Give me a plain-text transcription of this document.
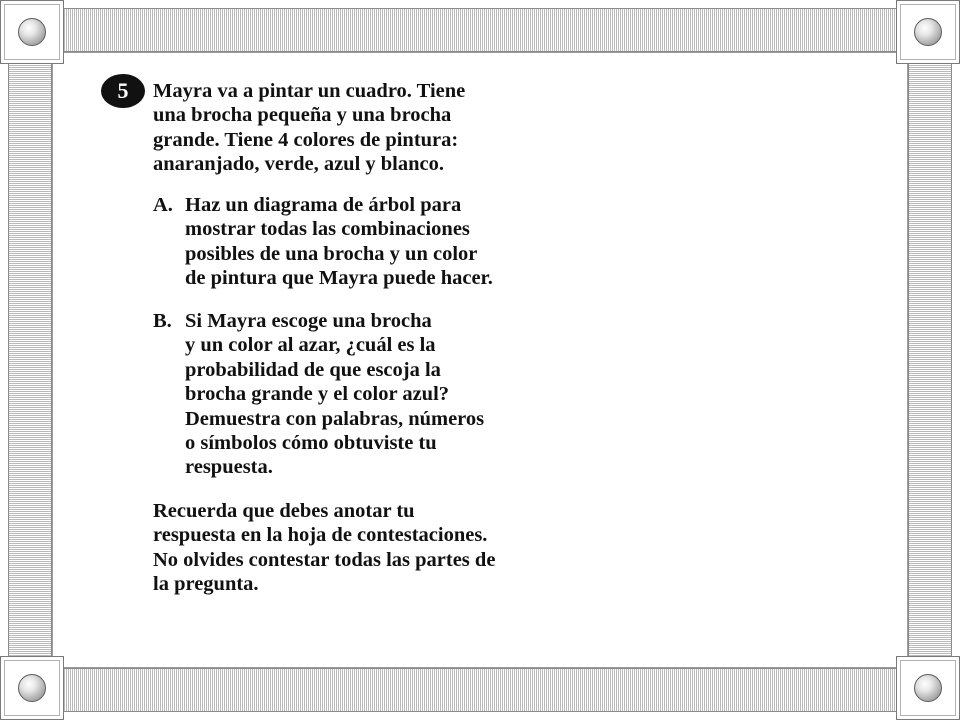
5	Mayra va a pintar un cuadro. Tiene
una brocha pequeña y una brocha
grande. Tiene 4 colores de pintura:
anaranjado, verde, azul y blanco.
A. Haz un diagrama de árbol para
mostrar todas las combinaciones
posibles de una brocha y un color
de pintura que Mayra puede hacer.
B. Si Mayra escoge una brocha
y un color al azar, ¿cuál es la
probabilidad de que escoja la
brocha grande y el color azul?
Demuestra con palabras, números
o símbolos cómo obtuviste tu
respuesta.
Recuerda que debes anotar tu
respuesta en la hoja de contestaciones.
No olvides contestar todas las partes de
la pregunta.
